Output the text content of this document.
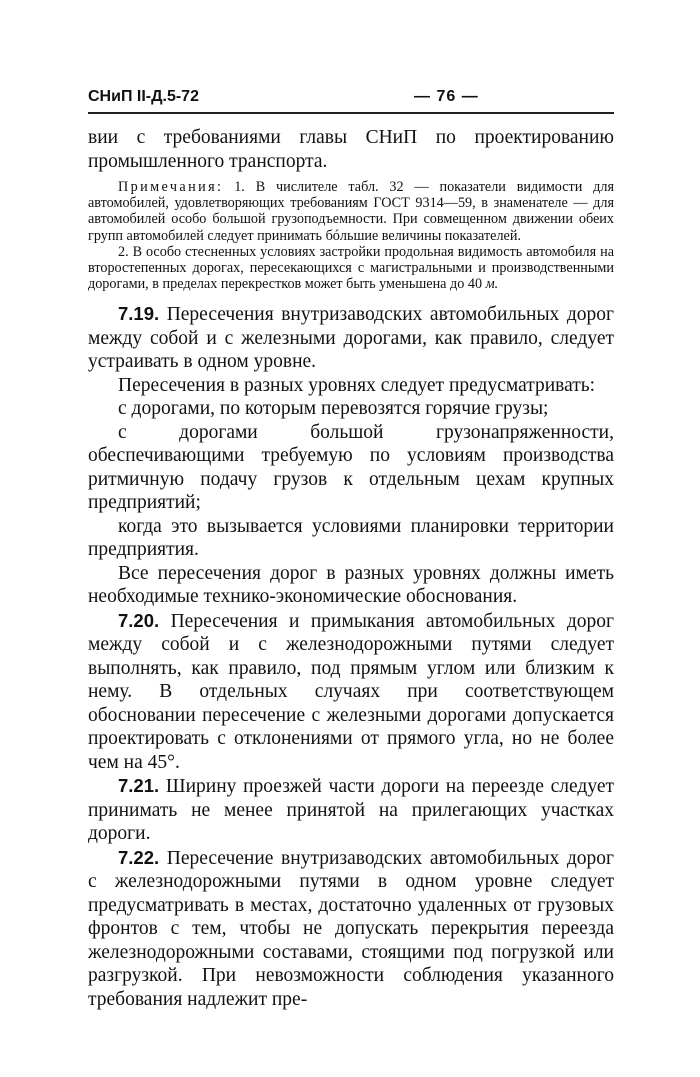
СНиП II-Д.5-72	— 76 —

вии с требованиями главы СНиП по проектированию промышленного транспорта.

Примечания: 1. В числителе табл. 32 — показатели видимости для автомобилей, удовлетворяющих требованиям ГОСТ 9314—59, в знаменателе — для автомобилей особо большой грузоподъемности. При совмещенном движении обеих групп автомобилей следует принимать бóльшие величины показателей.

2. В особо стесненных условиях застройки продольная видимость автомобиля на второстепенных дорогах, пересекающихся с магистральными и производственными дорогами, в пределах перекрестков может быть уменьшена до 40 м.

7.19. Пересечения внутризаводских автомобильных дорог между собой и с железными дорогами, как правило, следует устраивать в одном уровне.

Пересечения в разных уровнях следует предусматривать:

с дорогами, по которым перевозятся горячие грузы;

с дорогами большой грузонапряженности, обеспечивающими требуемую по условиям производства ритмичную подачу грузов к отдельным цехам крупных предприятий;

когда это вызывается условиями планировки территории предприятия.

Все пересечения дорог в разных уровнях должны иметь необходимые технико-экономические обоснования.

7.20. Пересечения и примыкания автомобильных дорог между собой и с железнодорожными путями следует выполнять, как правило, под прямым углом или близким к нему. В отдельных случаях при соответствующем обосновании пересечение с железными дорогами допускается проектировать с отклонениями от прямого угла, но не более чем на 45°.

7.21. Ширину проезжей части дороги на переезде следует принимать не менее принятой на прилегающих участках дороги.

7.22. Пересечение внутризаводских автомобильных дорог с железнодорожными путями в одном уровне следует предусматривать в местах, достаточно удаленных от грузовых фронтов с тем, чтобы не допускать перекрытия переезда железнодорожными составами, стоящими под погрузкой или разгрузкой. При невозможности соблюдения указанного требования надлежит пре-
